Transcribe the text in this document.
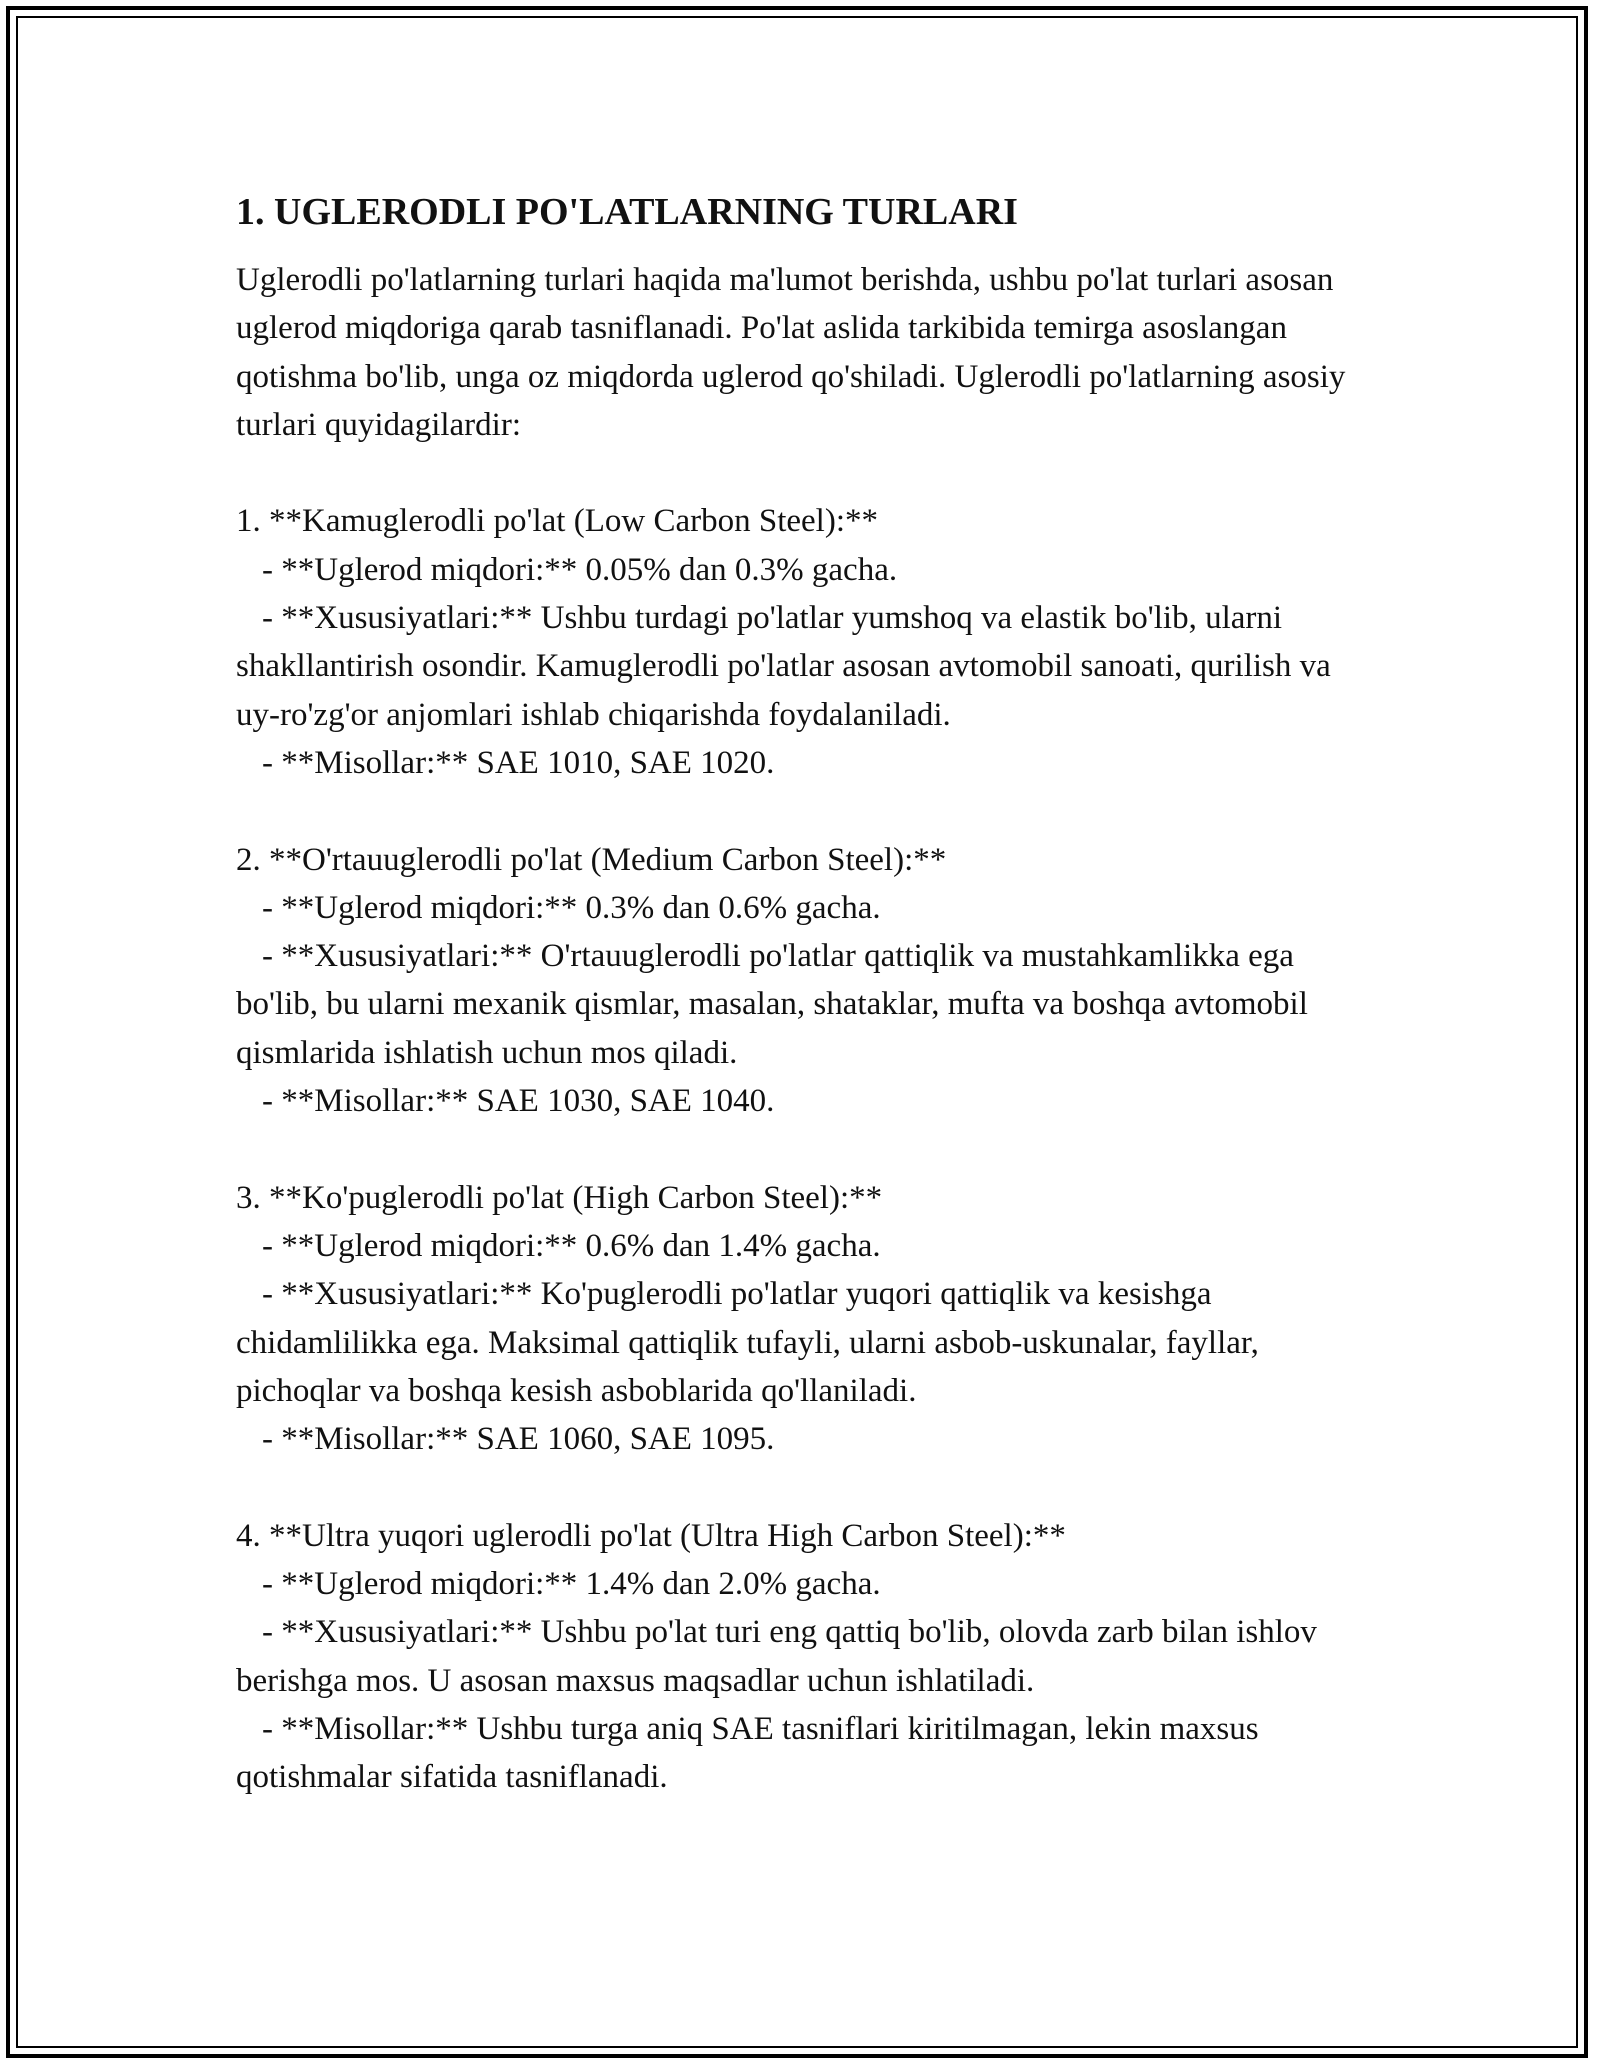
1. UGLERODLI PO'LATLARNING TURLARI

Uglerodli po'latlarning turlari haqida ma'lumot berishda, ushbu po'lat turlari asosan uglerod miqdoriga qarab tasniflanadi. Po'lat aslida tarkibida temirga asoslangan qotishma bo'lib, unga oz miqdorda uglerod qo'shiladi. Uglerodli po'latlarning asosiy turlari quyidagilardir:

1. **Kamuglerodli po'lat (Low Carbon Steel):**
- **Uglerod miqdori:** 0.05% dan 0.3% gacha.
- **Xususiyatlari:** Ushbu turdagi po'latlar yumshoq va elastik bo'lib, ularni shakllantirish osondir. Kamuglerodli po'latlar asosan avtomobil sanoati, qurilish va uy-ro'zg'or anjomlari ishlab chiqarishda foydalaniladi.
- **Misollar:** SAE 1010, SAE 1020.
2. **O'rtauuglerodli po'lat (Medium Carbon Steel):**
- **Uglerod miqdori:** 0.3% dan 0.6% gacha.
- **Xususiyatlari:** O'rtauuglerodli po'latlar qattiqlik va mustahkamlikka ega bo'lib, bu ularni mexanik qismlar, masalan, shataklar, mufta va boshqa avtomobil qismlarida ishlatish uchun mos qiladi.
- **Misollar:** SAE 1030, SAE 1040.
3. **Ko'puglerodli po'lat (High Carbon Steel):**
- **Uglerod miqdori:** 0.6% dan 1.4% gacha.
- **Xususiyatlari:** Ko'puglerodli po'latlar yuqori qattiqlik va kesishga chidamlilikka ega. Maksimal qattiqlik tufayli, ularni asbob-uskunalar, fayllar, pichoqlar va boshqa kesish asboblarida qo'llaniladi.
- **Misollar:** SAE 1060, SAE 1095.
4. **Ultra yuqori uglerodli po'lat (Ultra High Carbon Steel):**
- **Uglerod miqdori:** 1.4% dan 2.0% gacha.
- **Xususiyatlari:** Ushbu po'lat turi eng qattiq bo'lib, olovda zarb bilan ishlov berishga mos. U asosan maxsus maqsadlar uchun ishlatiladi.
- **Misollar:** Ushbu turga aniq SAE tasniflari kiritilmagan, lekin maxsus qotishmalar sifatida tasniflanadi.
